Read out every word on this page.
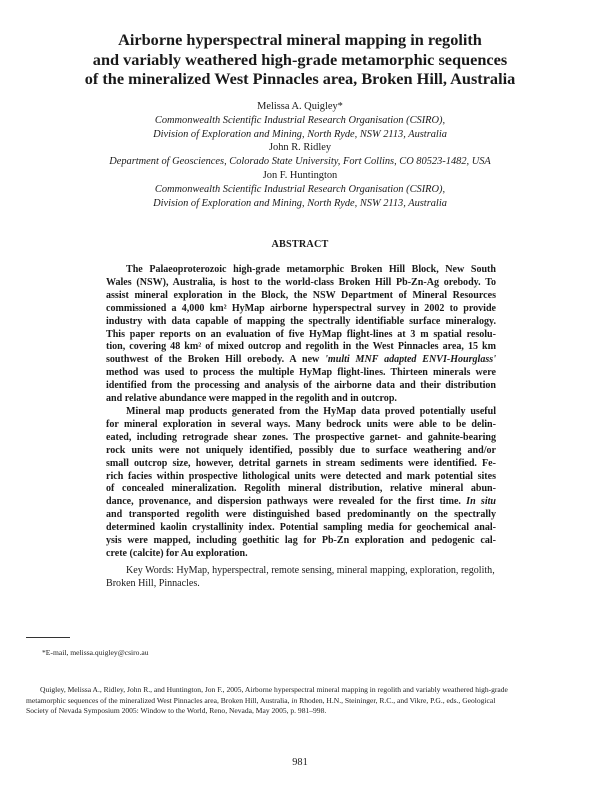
Airborne hyperspectral mineral mapping in regolith
and variably weathered high-grade metamorphic sequences
of the mineralized West Pinnacles area, Broken Hill, Australia
Melissa A. Quigley*
Commonwealth Scientific Industrial Research Organisation (CSIRO),
Division of Exploration and Mining, North Ryde, NSW 2113, Australia
John R. Ridley
Department of Geosciences, Colorado State University, Fort Collins, CO 80523-1482, USA
Jon F. Huntington
Commonwealth Scientific Industrial Research Organisation (CSIRO),
Division of Exploration and Mining, North Ryde, NSW 2113, Australia
ABSTRACT

The Palaeoproterozoic high-grade metamorphic Broken Hill Block, New South
Wales (NSW), Australia, is host to the world-class Broken Hill Pb-Zn-Ag orebody. To
assist mineral exploration in the Block, the NSW Department of Mineral Resources
commissioned a 4,000 km² HyMap airborne hyperspectral survey in 2002 to provide
industry with data capable of mapping the spectrally identifiable surface mineralogy.
This paper reports on an evaluation of five HyMap flight-lines at 3 m spatial resolu-
tion, covering 48 km² of mixed outcrop and regolith in the West Pinnacles area, 15 km
southwest of the Broken Hill orebody. A new 'multi MNF adapted ENVI-Hourglass'
method was used to process the multiple HyMap flight-lines. Thirteen minerals were
identified from the processing and analysis of the airborne data and their distribution
and relative abundance were mapped in the regolith and in outcrop.

Mineral map products generated from the HyMap data proved potentially useful
for mineral exploration in several ways. Many bedrock units were able to be delin-
eated, including retrograde shear zones. The prospective garnet- and gahnite-bearing
rock units were not uniquely identified, possibly due to surface weathering and/or
small outcrop size, however, detrital garnets in stream sediments were identified. Fe-
rich facies within prospective lithological units were detected and mark potential sites
of concealed mineralization. Regolith mineral distribution, relative mineral abun-
dance, provenance, and dispersion pathways were revealed for the first time. In situ
and transported regolith were distinguished based predominantly on the spectrally
determined kaolin crystallinity index. Potential sampling media for geochemical anal-
ysis were mapped, including goethitic lag for Pb-Zn exploration and pedogenic cal-
crete (calcite) for Au exploration.

Key Words: HyMap, hyperspectral, remote sensing, mineral mapping, exploration, regolith,
Broken Hill, Pinnacles.
*E-mail, melissa.quigley@csiro.au
Quigley, Melissa A., Ridley, John R., and Huntington, Jon F., 2005, Airborne hyperspectral mineral mapping in regolith and variably weathered high-grade
metamorphic sequences of the mineralized West Pinnacles area, Broken Hill, Australia, in Rhoden, H.N., Steininger, R.C., and Vikre, P.G., eds., Geological
Society of Nevada Symposium 2005: Window to the World, Reno, Nevada, May 2005, p. 981–998.
981
